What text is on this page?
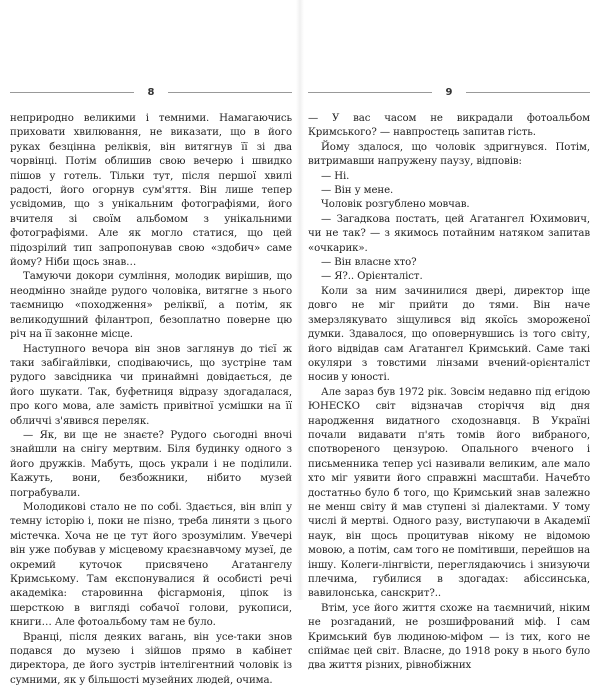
8

неприродно великими і темними. Намагаючись приховати хвилювання, не виказати, що в його руках безцінна реліквія, він витягнув її зі два чорвінці. Потім облишив свою вечерю і швидко пішов у готель. Тільки тут, після першої хвилі радості, його огорнув сум'яття. Він лише тепер усвідомив, що з унікальним фотографіями, його вчителя зі своїм альбомом з унікальними фотографіями. Але як могло статися, що цей підозрілий тип запропонував свою «здобич» саме йому? Ніби щось знав…

Тамуючи докори сумління, молодик вирішив, що неодмінно знайде рудого чоловіка, витягне з нього таємницю «походження» реліквії, а потім, як великодушний філантроп, безоплатно поверне цю річ на її законне місце.

Наступного вечора він знов заглянув до тієї ж таки забігайлівки, сподіваючись, що зустріне там рудого завсідника чи принаймні довідається, де його шукати. Так, буфетниця відразу здогадалася, про кого мова, але замість привітної усмішки на її обличчі з'явився переляк.

— Як, ви ще не знаєте? Рудого сьогодні вночі знайшли на снігу мертвим. Біля будинку одного з його дружків. Мабуть, щось украли і не поділили. Кажуть, вони, безбожники, нібито музей пограбували.

Молодикові стало не по собі. Здається, він вліп у темну історію і, поки не пізно, треба линяти з цього містечка. Хоча не це тут його зрозумілим. Увечері він уже побував у місцевому краєзнавчому музеї, де окремий куточок присвячено Агатангелу Кримському. Там експонувалися й особисті речі академіка: старовинна фісгармонія, ціпок із шерсткою в вигляді собачої голови, рукописи, книги… Але фотоальбому там не було.

Вранці, після деяких вагань, він усе-таки знов подався до музею і зійшов прямо в кабінет директора, де його зустрів інтелігентний чоловік із сумними, як у більшості музейних людей, очима.

9

— У вас часом не викрадали фотоальбом Кримського? — навпростець запитав гість.

Йому здалося, що чоловік здригнувся. Потім, витримавши напружену паузу, відповів:

— Ні.

— Він у мене.

Чоловік розгублено мовчав.

— Загадкова постать, цей Агатангел Юхимович, чи не так? — з якимось потайним натяком запитав «очкарик».

— Він власне хто?

— Я?.. Орієнталіст.

Коли за ним зачинилися двері, директор іще довго не міг прийти до тями. Він наче змерзлякувато зіщулився від якоїсь змороженої думки. Здавалося, що оповернувшись із того світу, його відвідав сам Агатангел Кримський. Саме такі окуляри з товстими лінзами вчений-орієнталіст носив у юності.

Але зараз був 1972 рік. Зовсім недавно під егідою ЮНЕСКО світ відзначав сторіччя від дня народження видатного сходознавця. В Україні почали видавати п'ять томів його вибраного, спотвореного цензурою. Опального вченого і письменника тепер усі називали великим, але мало хто міг уявити його справжні масштаби. Начебто достатньо було б того, що Кримський знав залежно не менш світу й мав ступені зі діалектами. У тому числі й мертві. Одного разу, виступаючи в Академії наук, він щось процитував нікому не відомою мовою, а потім, сам того не помітивши, перейшов на іншу. Колеги-лінгвісти, переглядаючись і знизуючи плечима, губилися в здогадах: абіссинська, вавилонська, санскрит?..

Втім, усе його життя схоже на таємничий, ніким не розгаданий, не розшифрований міф. І сам Кримський був людиною-міфом — із тих, кого не спіймає цей світ. Власне, до 1918 року в нього було два життя різних, рівнобіжних
